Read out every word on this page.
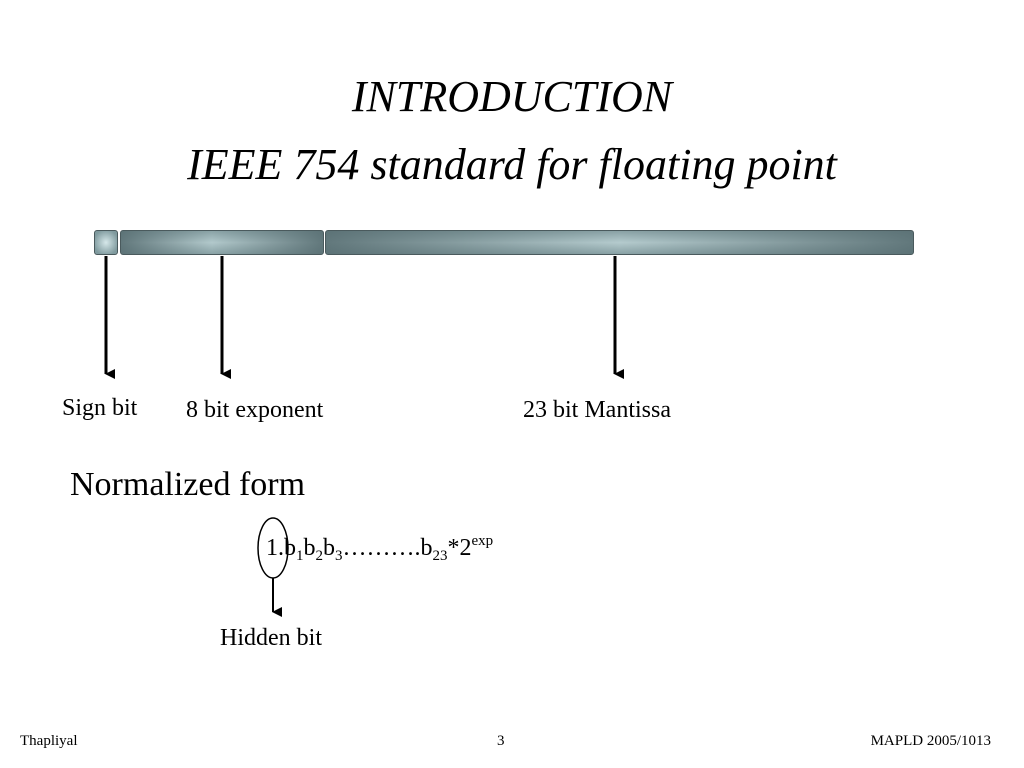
INTRODUCTION
IEEE 754 standard for floating point
Sign bit 8 bit exponent	23 bit Mantissa
Normalized form
$1.b_1b_2b_3\dots\dots\dots.b_{23}*2^{exp}$
Hidden bit
Thapliyal	3	MAPLD 2005/1013
